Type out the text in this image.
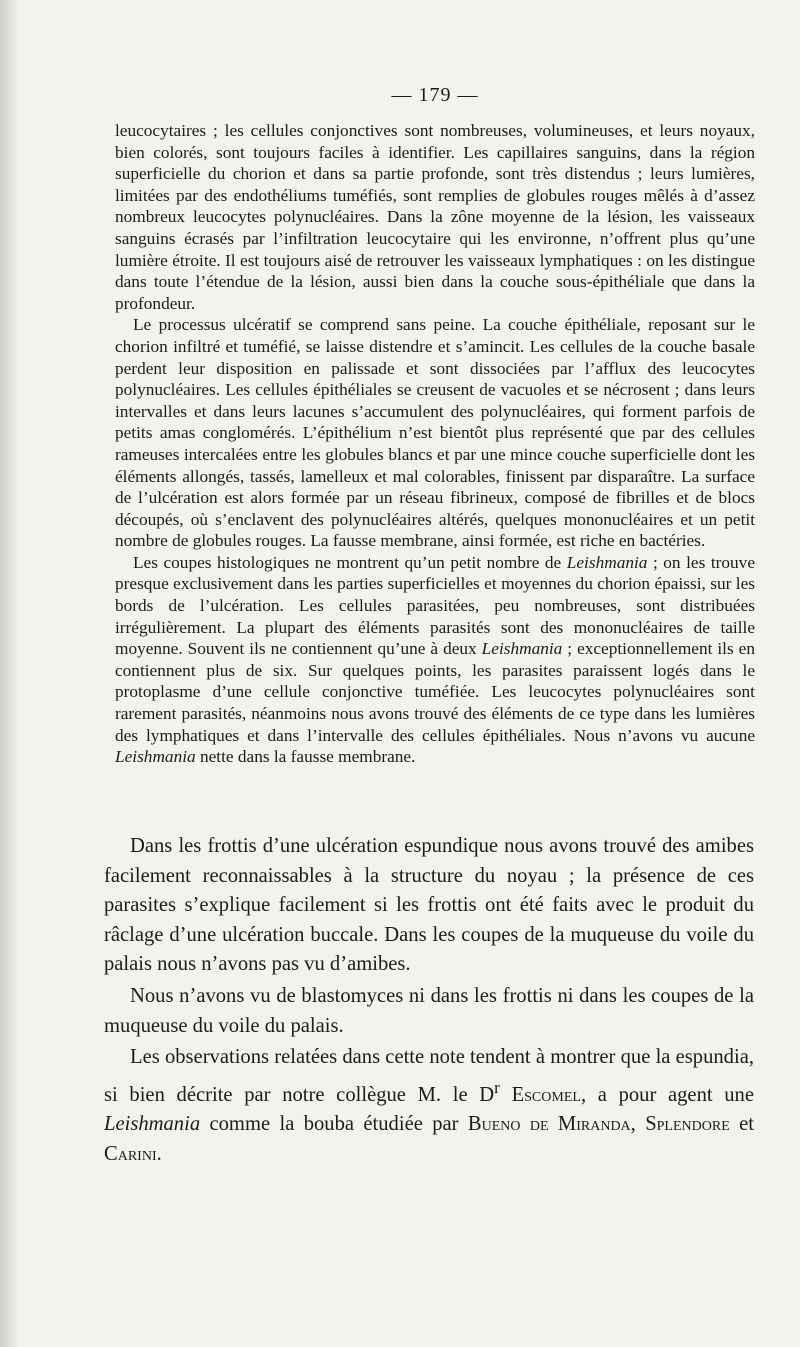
— 179 —

leucocytaires ; les cellules conjonctives sont nombreuses, volumineuses, et leurs noyaux, bien colorés, sont toujours faciles à identifier. Les capillaires sanguins, dans la région superficielle du chorion et dans sa partie profonde, sont très distendus ; leurs lumières, limitées par des endothéliums tuméfiés, sont remplies de globules rouges mêlés à d’assez nombreux leucocytes polynucléaires. Dans la zône moyenne de la lésion, les vaisseaux sanguins écrasés par l’infiltration leucocytaire qui les environne, n’offrent plus qu’une lumière étroite. Il est toujours aisé de retrouver les vaisseaux lymphatiques : on les distingue dans toute l’étendue de la lésion, aussi bien dans la couche sous-épithéliale que dans la profondeur.

Le processus ulcératif se comprend sans peine. La couche épithéliale, reposant sur le chorion infiltré et tuméfié, se laisse distendre et s’amincit. Les cellules de la couche basale perdent leur disposition en palissade et sont dissociées par l’afflux des leucocytes polynucléaires. Les cellules épithéliales se creusent de vacuoles et se nécrosent ; dans leurs intervalles et dans leurs lacunes s’accumulent des polynucléaires, qui forment parfois de petits amas conglomérés. L’épithélium n’est bientôt plus représenté que par des cellules rameuses intercalées entre les globules blancs et par une mince couche superficielle dont les éléments allongés, tassés, lamelleux et mal colorables, finissent par disparaître. La surface de l’ulcération est alors formée par un réseau fibrineux, composé de fibrilles et de blocs découpés, où s’enclavent des polynucléaires altérés, quelques mononucléaires et un petit nombre de globules rouges. La fausse membrane, ainsi formée, est riche en bactéries.

Les coupes histologiques ne montrent qu’un petit nombre de Leishmania ; on les trouve presque exclusivement dans les parties superficielles et moyennes du chorion épaissi, sur les bords de l’ulcération. Les cellules parasitées, peu nombreuses, sont distribuées irrégulièrement. La plupart des éléments parasités sont des mononucléaires de taille moyenne. Souvent ils ne contiennent qu’une à deux Leishmania ; exceptionnellement ils en contiennent plus de six. Sur quelques points, les parasites paraissent logés dans le protoplasme d’une cellule conjonctive tuméfiée. Les leucocytes polynucléaires sont rarement parasités, néanmoins nous avons trouvé des éléments de ce type dans les lumières des lymphatiques et dans l’intervalle des cellules épithéliales. Nous n’avons vu aucune Leishmania nette dans la fausse membrane.

Dans les frottis d’une ulcération espundique nous avons trouvé des amibes facilement reconnaissables à la structure du noyau ; la présence de ces parasites s’explique facilement si les frottis ont été faits avec le produit du râclage d’une ulcération buccale. Dans les coupes de la muqueuse du voile du palais nous n’avons pas vu d’amibes.

Nous n’avons vu de blastomyces ni dans les frottis ni dans les coupes de la muqueuse du voile du palais.

Les observations relatées dans cette note tendent à montrer que la espundia, si bien décrite par notre collègue M. le $D^r$ Escomel, a pour agent une Leishmania comme la bouba étudiée par Bueno de Miranda, Splendore et Carini.
